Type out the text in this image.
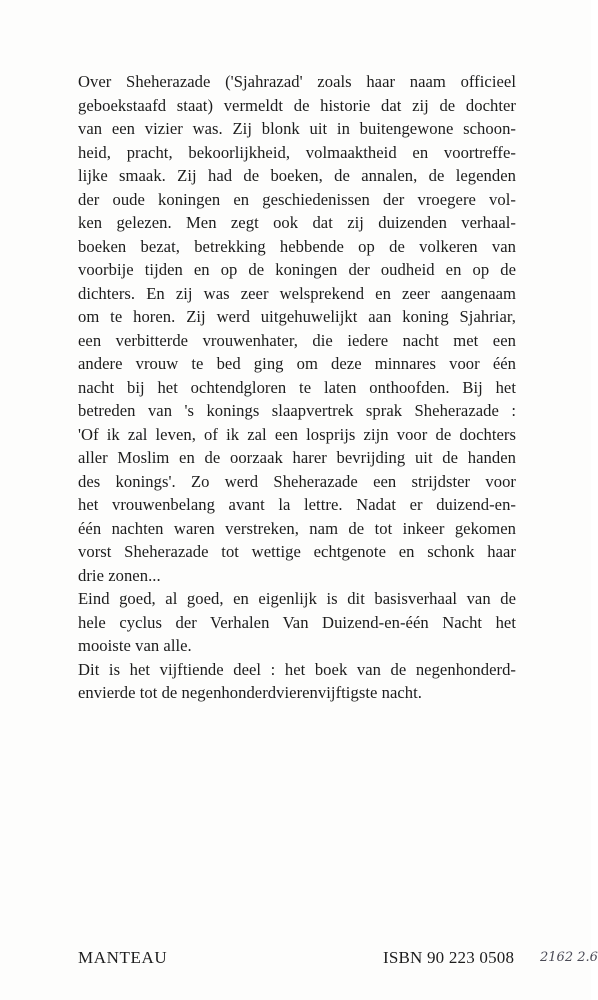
Over Sheherazade ('Sjahrazad' zoals haar naam officieel
geboekstaafd staat) vermeldt de historie dat zij de dochter
van een vizier was. Zij blonk uit in buitengewone schoon-
heid, pracht, bekoorlijkheid, volmaaktheid en voortreffe-
lijke smaak. Zij had de boeken, de annalen, de legenden
der oude koningen en geschiedenissen der vroegere vol-
ken gelezen. Men zegt ook dat zij duizenden verhaal-
boeken bezat, betrekking hebbende op de volkeren van
voorbije tijden en op de koningen der oudheid en op de
dichters. En zij was zeer welsprekend en zeer aangenaam
om te horen. Zij werd uitgehuwelijkt aan koning Sjahriar,
een verbitterde vrouwenhater, die iedere nacht met een
andere vrouw te bed ging om deze minnares voor één
nacht bij het ochtendgloren te laten onthoofden. Bij het
betreden van 's konings slaapvertrek sprak Sheherazade :
'Of ik zal leven, of ik zal een losprijs zijn voor de dochters
aller Moslim en de oorzaak harer bevrijding uit de handen
des konings'. Zo werd Sheherazade een strijdster voor
het vrouwenbelang avant la lettre. Nadat er duizend-en-
één nachten waren verstreken, nam de tot inkeer gekomen
vorst Sheherazade tot wettige echtgenote en schonk haar
drie zonen...
Eind goed, al goed, en eigenlijk is dit basisverhaal van de
hele cyclus der Verhalen Van Duizend-en-één Nacht het
mooiste van alle.
Dit is het vijftiende deel : het boek van de negenhonderd-
envierde tot de negenhonderdvierenvijftigste nacht.
MANTEAU	ISBN 90 223 0508 2162 2.6
